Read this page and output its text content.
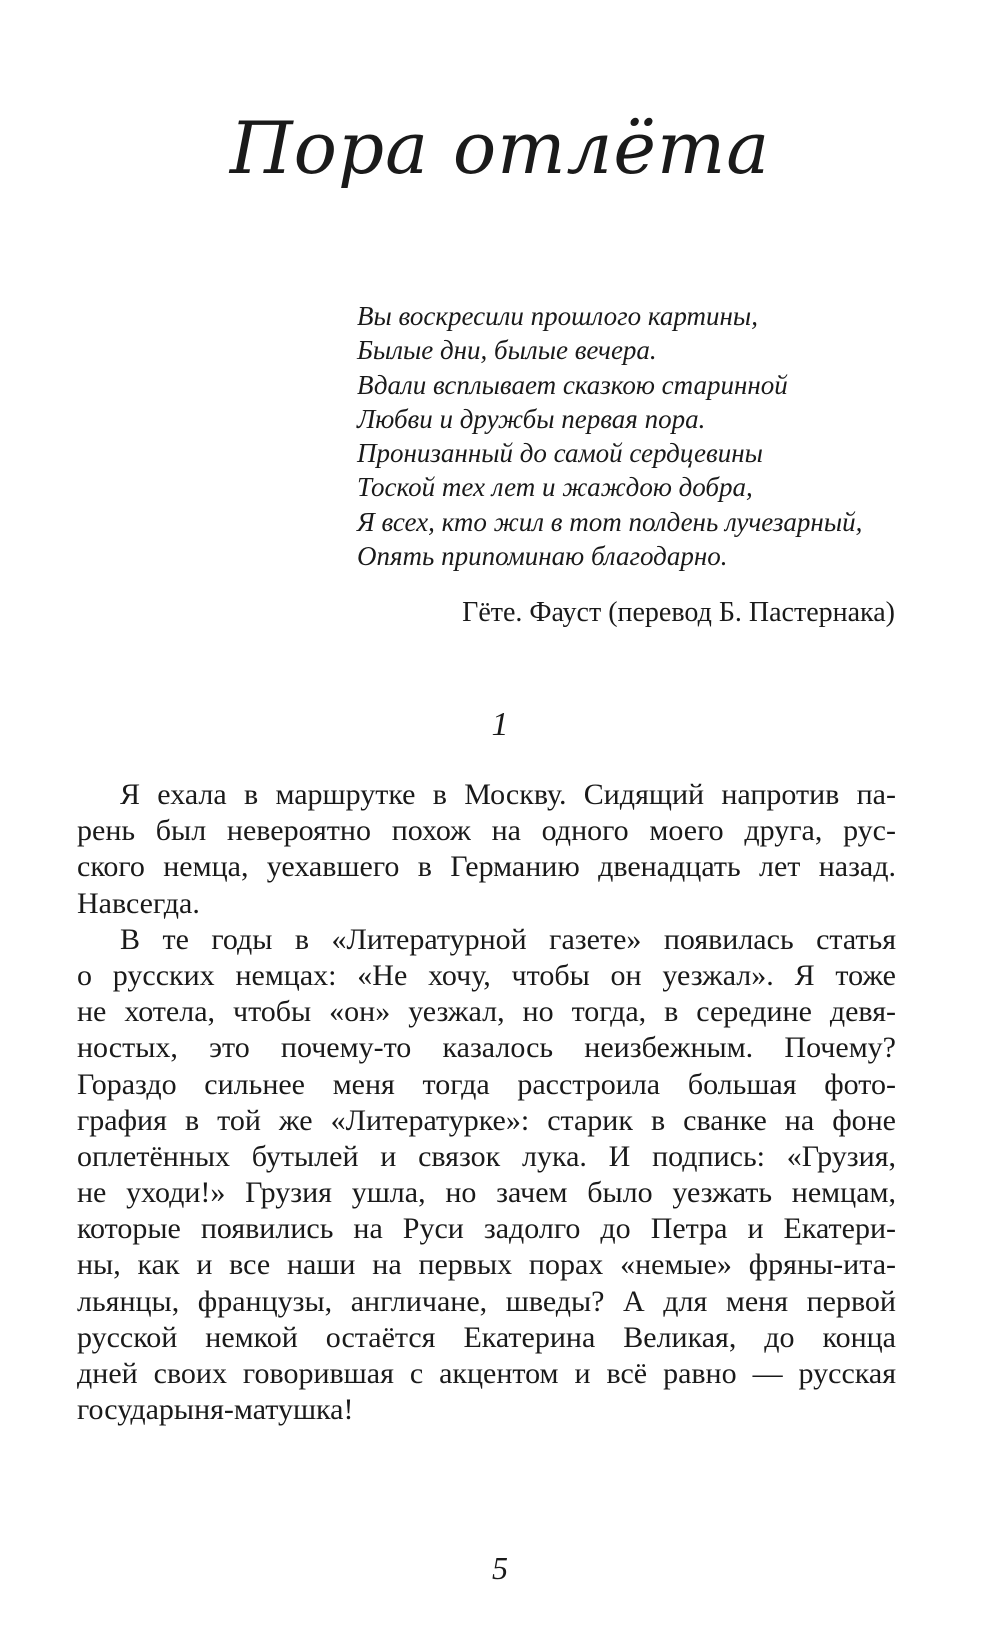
Пора отлёта
Вы воскресили прошлого картины,
Былые дни, былые вечера.
Вдали всплывает сказкою старинной
Любви и дружбы первая пора.
Пронизанный до самой сердцевины
Тоской тех лет и жаждою добра,
Я всех, кто жил в тот полдень лучезарный,
Опять припоминаю благодарно.
Гёте. Фауст (перевод Б. Пастернака)
1
Я ехала в маршрутке в Москву. Сидящий напротив па-
рень был невероятно похож на одного моего друга, рус-
ского немца, уехавшего в Германию двенадцать лет назад.
Навсегда.
В те годы в «Литературной газете» появилась статья
о русских немцах: «Не хочу, чтобы он уезжал». Я тоже
не хотела, чтобы «он» уезжал, но тогда, в середине девя-
ностых, это почему-то казалось неизбежным. Почему?
Гораздо сильнее меня тогда расстроила большая фото-
графия в той же «Литературке»: старик в сванке на фоне
оплетённых бутылей и связок лука. И подпись: «Грузия,
не уходи!» Грузия ушла, но зачем было уезжать немцам,
которые появились на Руси задолго до Петра и Екатери-
ны, как и все наши на первых порах «немые» фряны-ита-
льянцы, французы, англичане, шведы? А для меня первой
русской немкой остаётся Екатерина Великая, до конца
дней своих говорившая с акцентом и всё равно — русская
государыня-матушка!
5
